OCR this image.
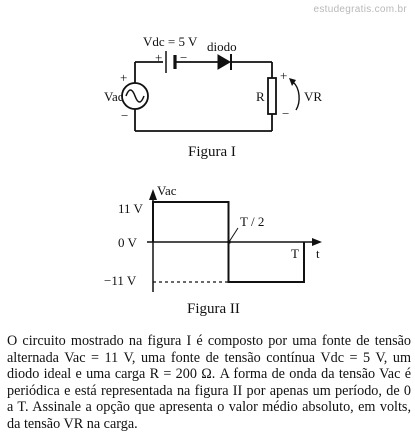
estudegratis.com.br
Vdc = 5 V
+ −
diodo
Vac
+
−
R
+
−
VR
Figura I
Vac
t
11 V
0 V
−11 V
T / 2
T
Figura II
O circuito mostrado na figura I é composto por uma fonte de tensão alternada Vac = 11 V, uma fonte de tensão contínua Vdc = 5 V, um diodo ideal e uma carga R = 200 Ω. A forma de onda da tensão Vac é periódica e está representada na figura II por apenas um período, de 0 a T. Assinale a opção que apresenta o valor médio absoluto, em volts, da tensão VR na carga.
